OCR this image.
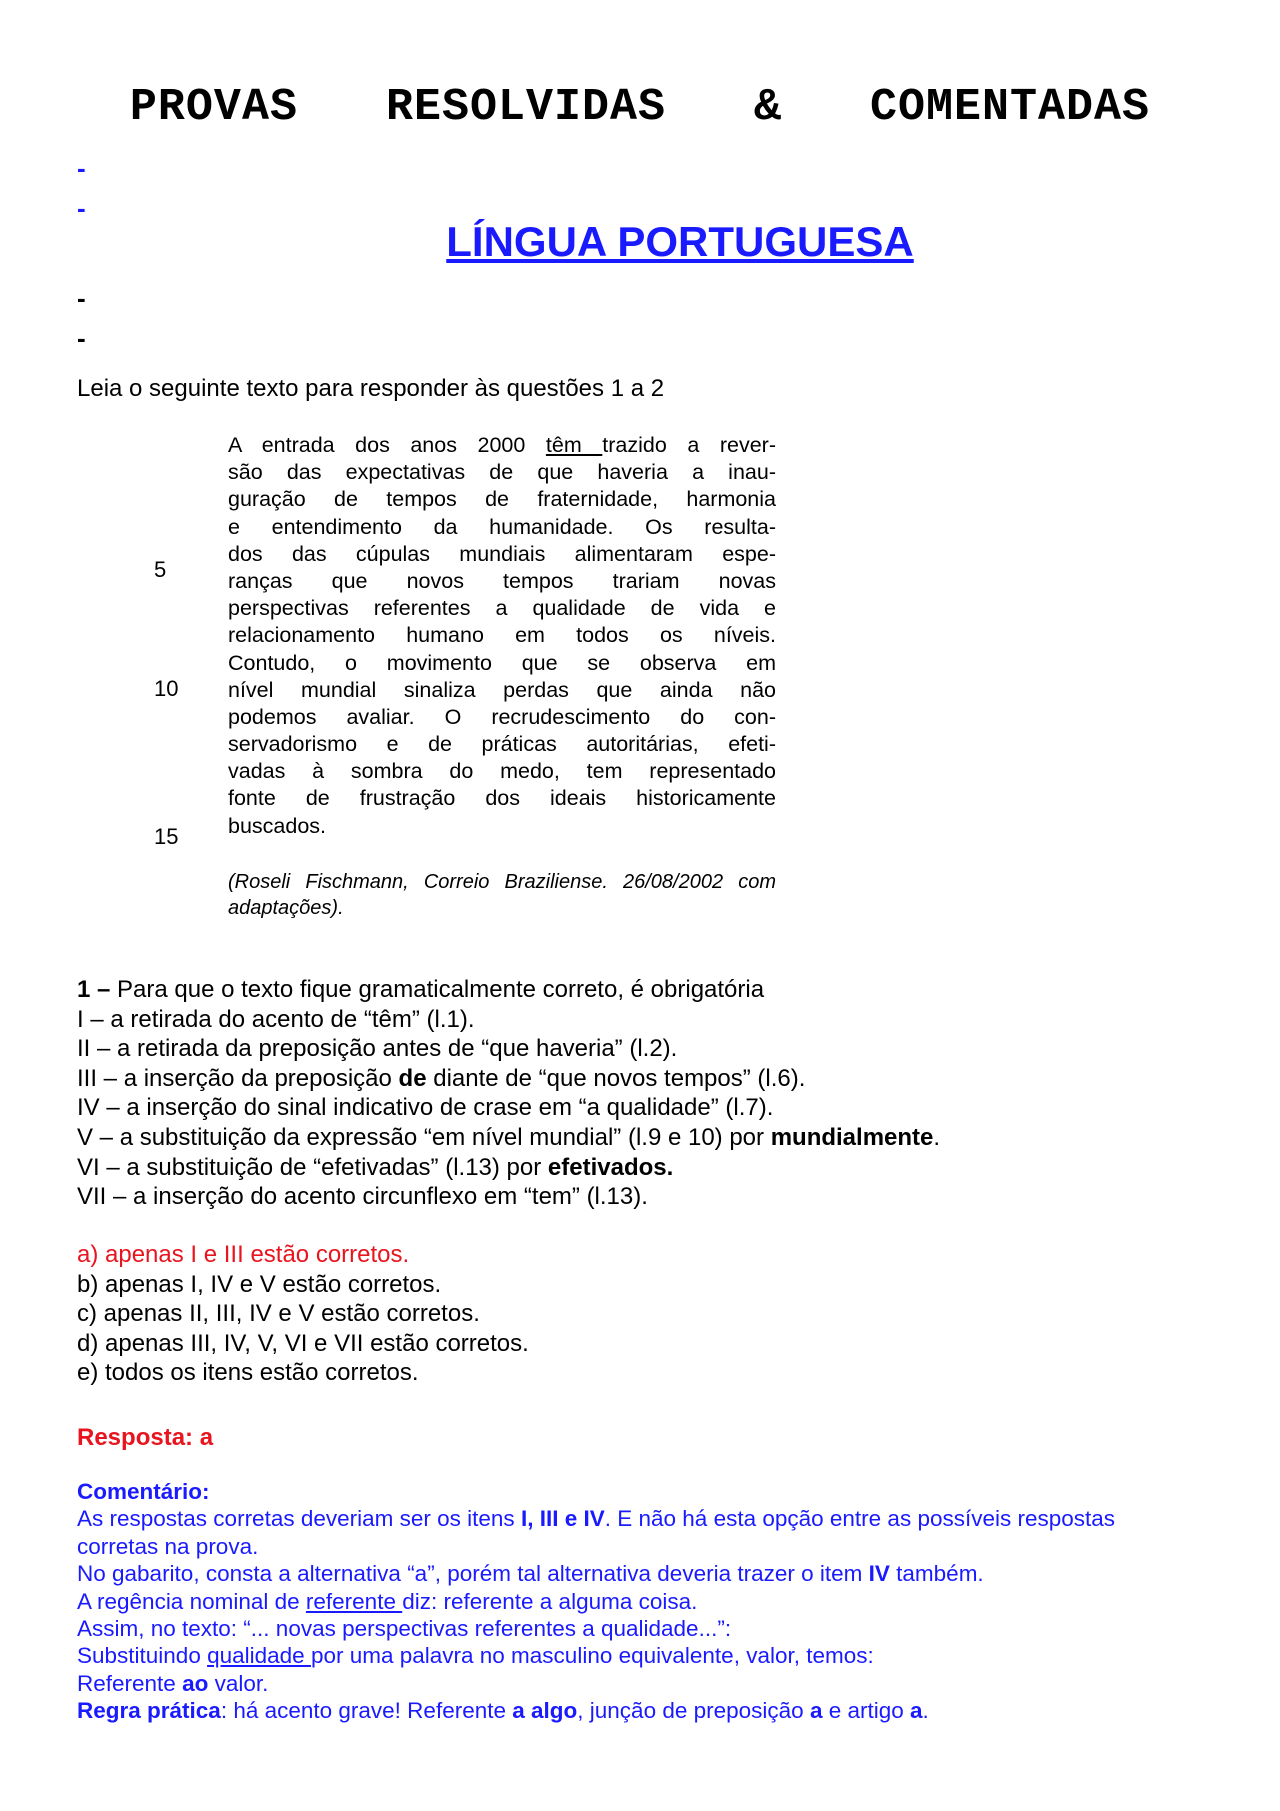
PROVAS RESOLVIDAS & COMENTADAS
-
-
LÍNGUA PORTUGUESA
-
-
Leia o seguinte texto para responder às questões 1 a 2
A entrada dos anos 2000 têm trazido a rever-
são das expectativas de que haveria a inau-
guração de tempos de fraternidade, harmonia
e entendimento da humanidade. Os resulta-
dos das cúpulas mundiais alimentaram espe-
ranças que novos tempos trariam novas
perspectivas referentes a qualidade de vida e
relacionamento humano em todos os níveis.
Contudo, o movimento que se observa em
nível mundial sinaliza perdas que ainda não
podemos avaliar. O recrudescimento do con-
servadorismo e de práticas autoritárias, efeti-
vadas à sombra do medo, tem representado
fonte de frustração dos ideais historicamente
buscados.
5
10
15
(Roseli Fischmann, Correio Braziliense. 26/08/2002 com
adaptações).
1 – Para que o texto fique gramaticalmente correto, é obrigatória
I – a retirada do acento de “têm” (l.1).
II – a retirada da preposição antes de “que haveria” (l.2).
III – a inserção da preposição de diante de “que novos tempos” (l.6).
IV – a inserção do sinal indicativo de crase em “a qualidade” (l.7).
V – a substituição da expressão “em nível mundial” (l.9 e 10) por mundialmente.
VI – a substituição de “efetivadas” (l.13) por efetivados.
VII – a inserção do acento circunflexo em “tem” (l.13).
a) apenas I e III estão corretos.
b) apenas I, IV e V estão corretos.
c) apenas II, III, IV e V estão corretos.
d) apenas III, IV, V, VI e VII estão corretos.
e) todos os itens estão corretos.
Resposta: a
Comentário:
As respostas corretas deveriam ser os itens I, III e IV. E não há esta opção entre as possíveis respostas
corretas na prova.
No gabarito, consta a alternativa “a”, porém tal alternativa deveria trazer o item IV também.
A regência nominal de referente diz: referente a alguma coisa.
Assim, no texto: “... novas perspectivas referentes a qualidade...”:
Substituindo qualidade por uma palavra no masculino equivalente, valor, temos:
Referente ao valor.
Regra prática: há acento grave! Referente a algo, junção de preposição a e artigo a.
